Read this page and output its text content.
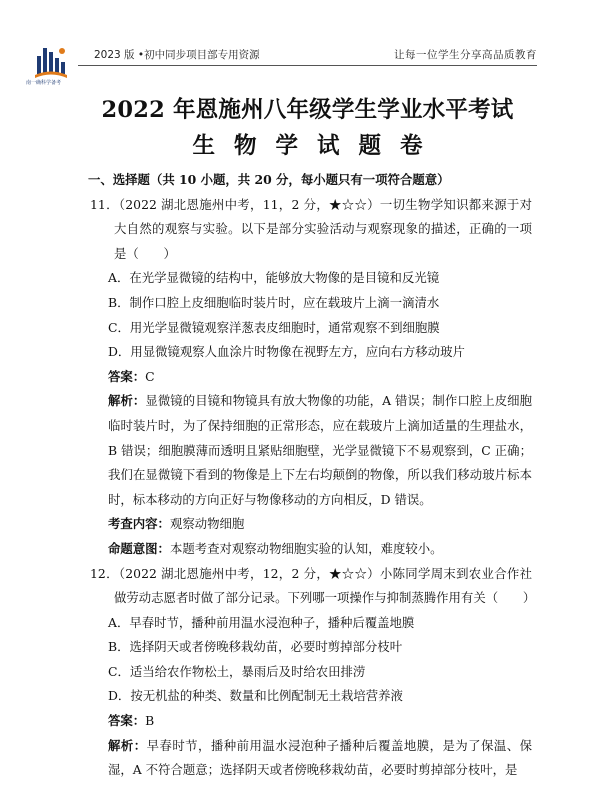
南一确科学备考
2023 版 •初中同步项目部专用资源	让每一位学生分享高品质教育
2022 年恩施州八年级学生学业水平考试
生物学试题卷

一、选择题（共 10 小题，共 20 分，每小题只有一项符合题意）

11．（2022 湖北恩施州中考，11，2 分，★☆☆）一切生物学知识都来源于对大自然的观察与实验。以下是部分实验活动与观察现象的描述，正确的一项是（　　）

A．在光学显微镜的结构中，能够放大物像的是目镜和反光镜

B．制作口腔上皮细胞临时装片时，应在载玻片上滴一滴清水

C．用光学显微镜观察洋葱表皮细胞时，通常观察不到细胞膜

D．用显微镜观察人血涂片时物像在视野左方，应向右方移动玻片

答案：C

解析：显微镜的目镜和物镜具有放大物像的功能，A 错误；制作口腔上皮细胞临时装片时，为了保持细胞的正常形态，应在载玻片上滴加适量的生理盐水，B 错误；细胞膜薄而透明且紧贴细胞壁，光学显微镜下不易观察到，C 正确；我们在显微镜下看到的物像是上下左右均颠倒的物像，所以我们移动玻片标本时，标本移动的方向正好与物像移动的方向相反，D 错误。

考查内容：观察动物细胞

命题意图：本题考查对观察动物细胞实验的认知，难度较小。

12．（2022 湖北恩施州中考，12，2 分，★☆☆）小陈同学周末到农业合作社做劳动志愿者时做了部分记录。下列哪一项操作与抑制蒸腾作用有关（　　）

A．早春时节，播种前用温水浸泡种子，播种后覆盖地膜

B．选择阴天或者傍晚移栽幼苗，必要时剪掉部分枝叶

C．适当给农作物松土，暴雨后及时给农田排涝

D．按无机盐的种类、数量和比例配制无土栽培营养液

答案：B

解析：早春时节，播种前用温水浸泡种子播种后覆盖地膜，是为了保温、保湿，A 不符合题意；选择阴天或者傍晚移栽幼苗，必要时剪掉部分枝叶，是
